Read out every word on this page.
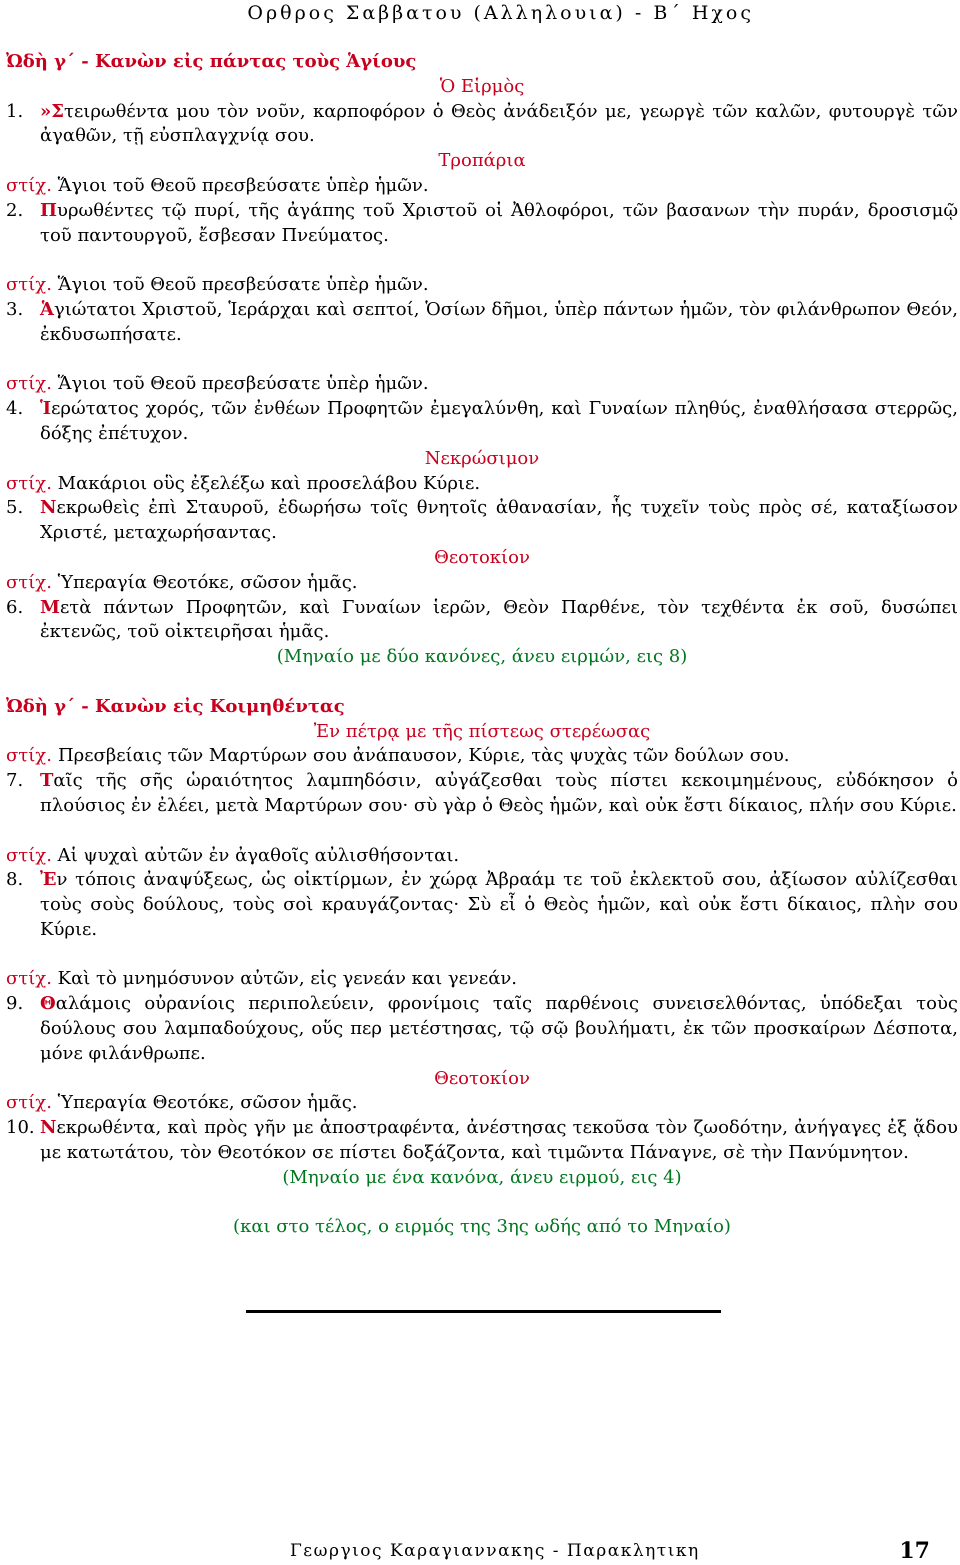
Ορθρος Σαββατου (Αλληλουια) - Β΄ Ηχος
Ὠδὴ γ΄ - Κανὼν εἰς πάντας τοὺς Ἁγίους
Ὁ Εἱρμὸς
1. »Στειρωθέντα μου τὸν νοῦν, καρποφόρον ὁ Θεὸς ἀνάδειξόν με, γεωργὲ τῶν καλῶν, φυτουργὲ τῶν ἀγαθῶν, τῇ εὐσπλαγχνίᾳ σου.
Τροπάρια
στίχ. Ἅγιοι τοῦ Θεοῦ πρεσβεύσατε ὑπὲρ ἡμῶν.
2. Πυρωθέντες τῷ πυρί, τῆς ἀγάπης τοῦ Χριστοῦ οἱ Ἀθλοφόροι, τῶν βασανων τὴν πυράν, δροσισμῷ τοῦ παντουργοῦ, ἔσβεσαν Πνεύματος.
στίχ. Ἅγιοι τοῦ Θεοῦ πρεσβεύσατε ὑπὲρ ἡμῶν.
3. Ἁγιώτατοι Χριστοῦ, Ἱεράρχαι καὶ σεπτοί, Ὁσίων δῆμοι, ὑπὲρ πάντων ἡμῶν, τὸν φιλάνθρωπον Θεόν, ἐκδυσωπήσατε.
στίχ. Ἅγιοι τοῦ Θεοῦ πρεσβεύσατε ὑπὲρ ἡμῶν.
4. Ἱερώτατος χορός, τῶν ἐνθέων Προφητῶν ἐμεγαλύνθη, καὶ Γυναίων πληθύς, ἐναθλήσασα στερρῶς, δόξης ἐπέτυχον.
Νεκρώσιμον
στίχ. Μακάριοι οὓς ἐξελέξω καὶ προσελάβου Κύριε.
5. Νεκρωθεὶς ἐπὶ Σταυροῦ, ἐδωρήσω τοῖς θνητοῖς ἀθανασίαν, ἧς τυχεῖν τοὺς πρὸς σέ, καταξίωσον Χριστέ, μεταχωρήσαντας.
Θεοτοκίον
στίχ. Ὑπεραγία Θεοτόκε, σῶσον ἡμᾶς.
6. Μετὰ πάντων Προφητῶν, καὶ Γυναίων ἱερῶν, Θεὸν Παρθένε, τὸν τεχθέντα ἐκ σοῦ, δυσώπει ἐκτενῶς, τοῦ οἰκτειρῆσαι ἡμᾶς.
(Μηναίο με δύο κανόνες, άνευ ειρμών, εις 8)
Ὠδὴ γ΄ - Κανὼν εἰς Κοιμηθέντας
Ἐν πέτρᾳ με τῆς πίστεως στερέωσας
στίχ. Πρεσβείαις τῶν Μαρτύρων σου ἀνάπαυσον, Κύριε, τὰς ψυχὰς τῶν δούλων σου.
7. Ταῖς τῆς σῆς ὡραιότητος λαμπηδόσιν, αὐγάζεσθαι τοὺς πίστει κεκοιμημένους, εὐδόκησον ὁ πλούσιος ἐν ἐλέει, μετὰ Μαρτύρων σου· σὺ γὰρ ὁ Θεὸς ἡμῶν, καὶ οὐκ ἔστι δίκαιος, πλήν σου Κύριε.
στίχ. Αἱ ψυχαὶ αὐτῶν ἐν ἀγαθοῖς αὐλισθήσονται.
8. Ἐν τόποις ἀναψύξεως, ὡς οἰκτίρμων, ἐν χώρᾳ Ἀβραάμ τε τοῦ ἐκλεκτοῦ σου, ἀξίωσον αὐλίζεσθαι τοὺς σοὺς δούλους, τοὺς σοὶ κραυγάζοντας· Σὺ εἶ ὁ Θεὸς ἡμῶν, καὶ οὐκ ἔστι δίκαιος, πλὴν σου Κύριε.
στίχ. Καὶ τὸ μνημόσυνον αὐτῶν, εἰς γενεάν και γενεάν.
9. Θαλάμοις οὐρανίοις περιπολεύειν, φρονίμοις ταῖς παρθένοις συνεισελθόντας, ὑπόδεξαι τοὺς δούλους σου λαμπαδούχους, οὕς περ μετέστησας, τῷ σῷ βουλήματι, ἐκ τῶν προσκαίρων Δέσποτα, μόνε φιλάνθρωπε.
Θεοτοκίον
στίχ. Ὑπεραγία Θεοτόκε, σῶσον ἡμᾶς.
10. Νεκρωθέντα, καὶ πρὸς γῆν με ἀποστραφέντα, ἀνέστησας τεκοῦσα τὸν ζωοδότην, ἀνήγαγες ἐξ ᾅδου με κατωτάτου, τὸν Θεοτόκον σε πίστει δοξάζοντα, καὶ τιμῶντα Πάναγνε, σὲ τὴν Πανύμνητον.
(Μηναίο με ένα κανόνα, άνευ ειρμού, εις 4)
(και στο τέλος, ο ειρμός της 3ης ωδής από το Μηναίο)
Γεωργιος Καραγιαννακης - Παρακλητικη	17
